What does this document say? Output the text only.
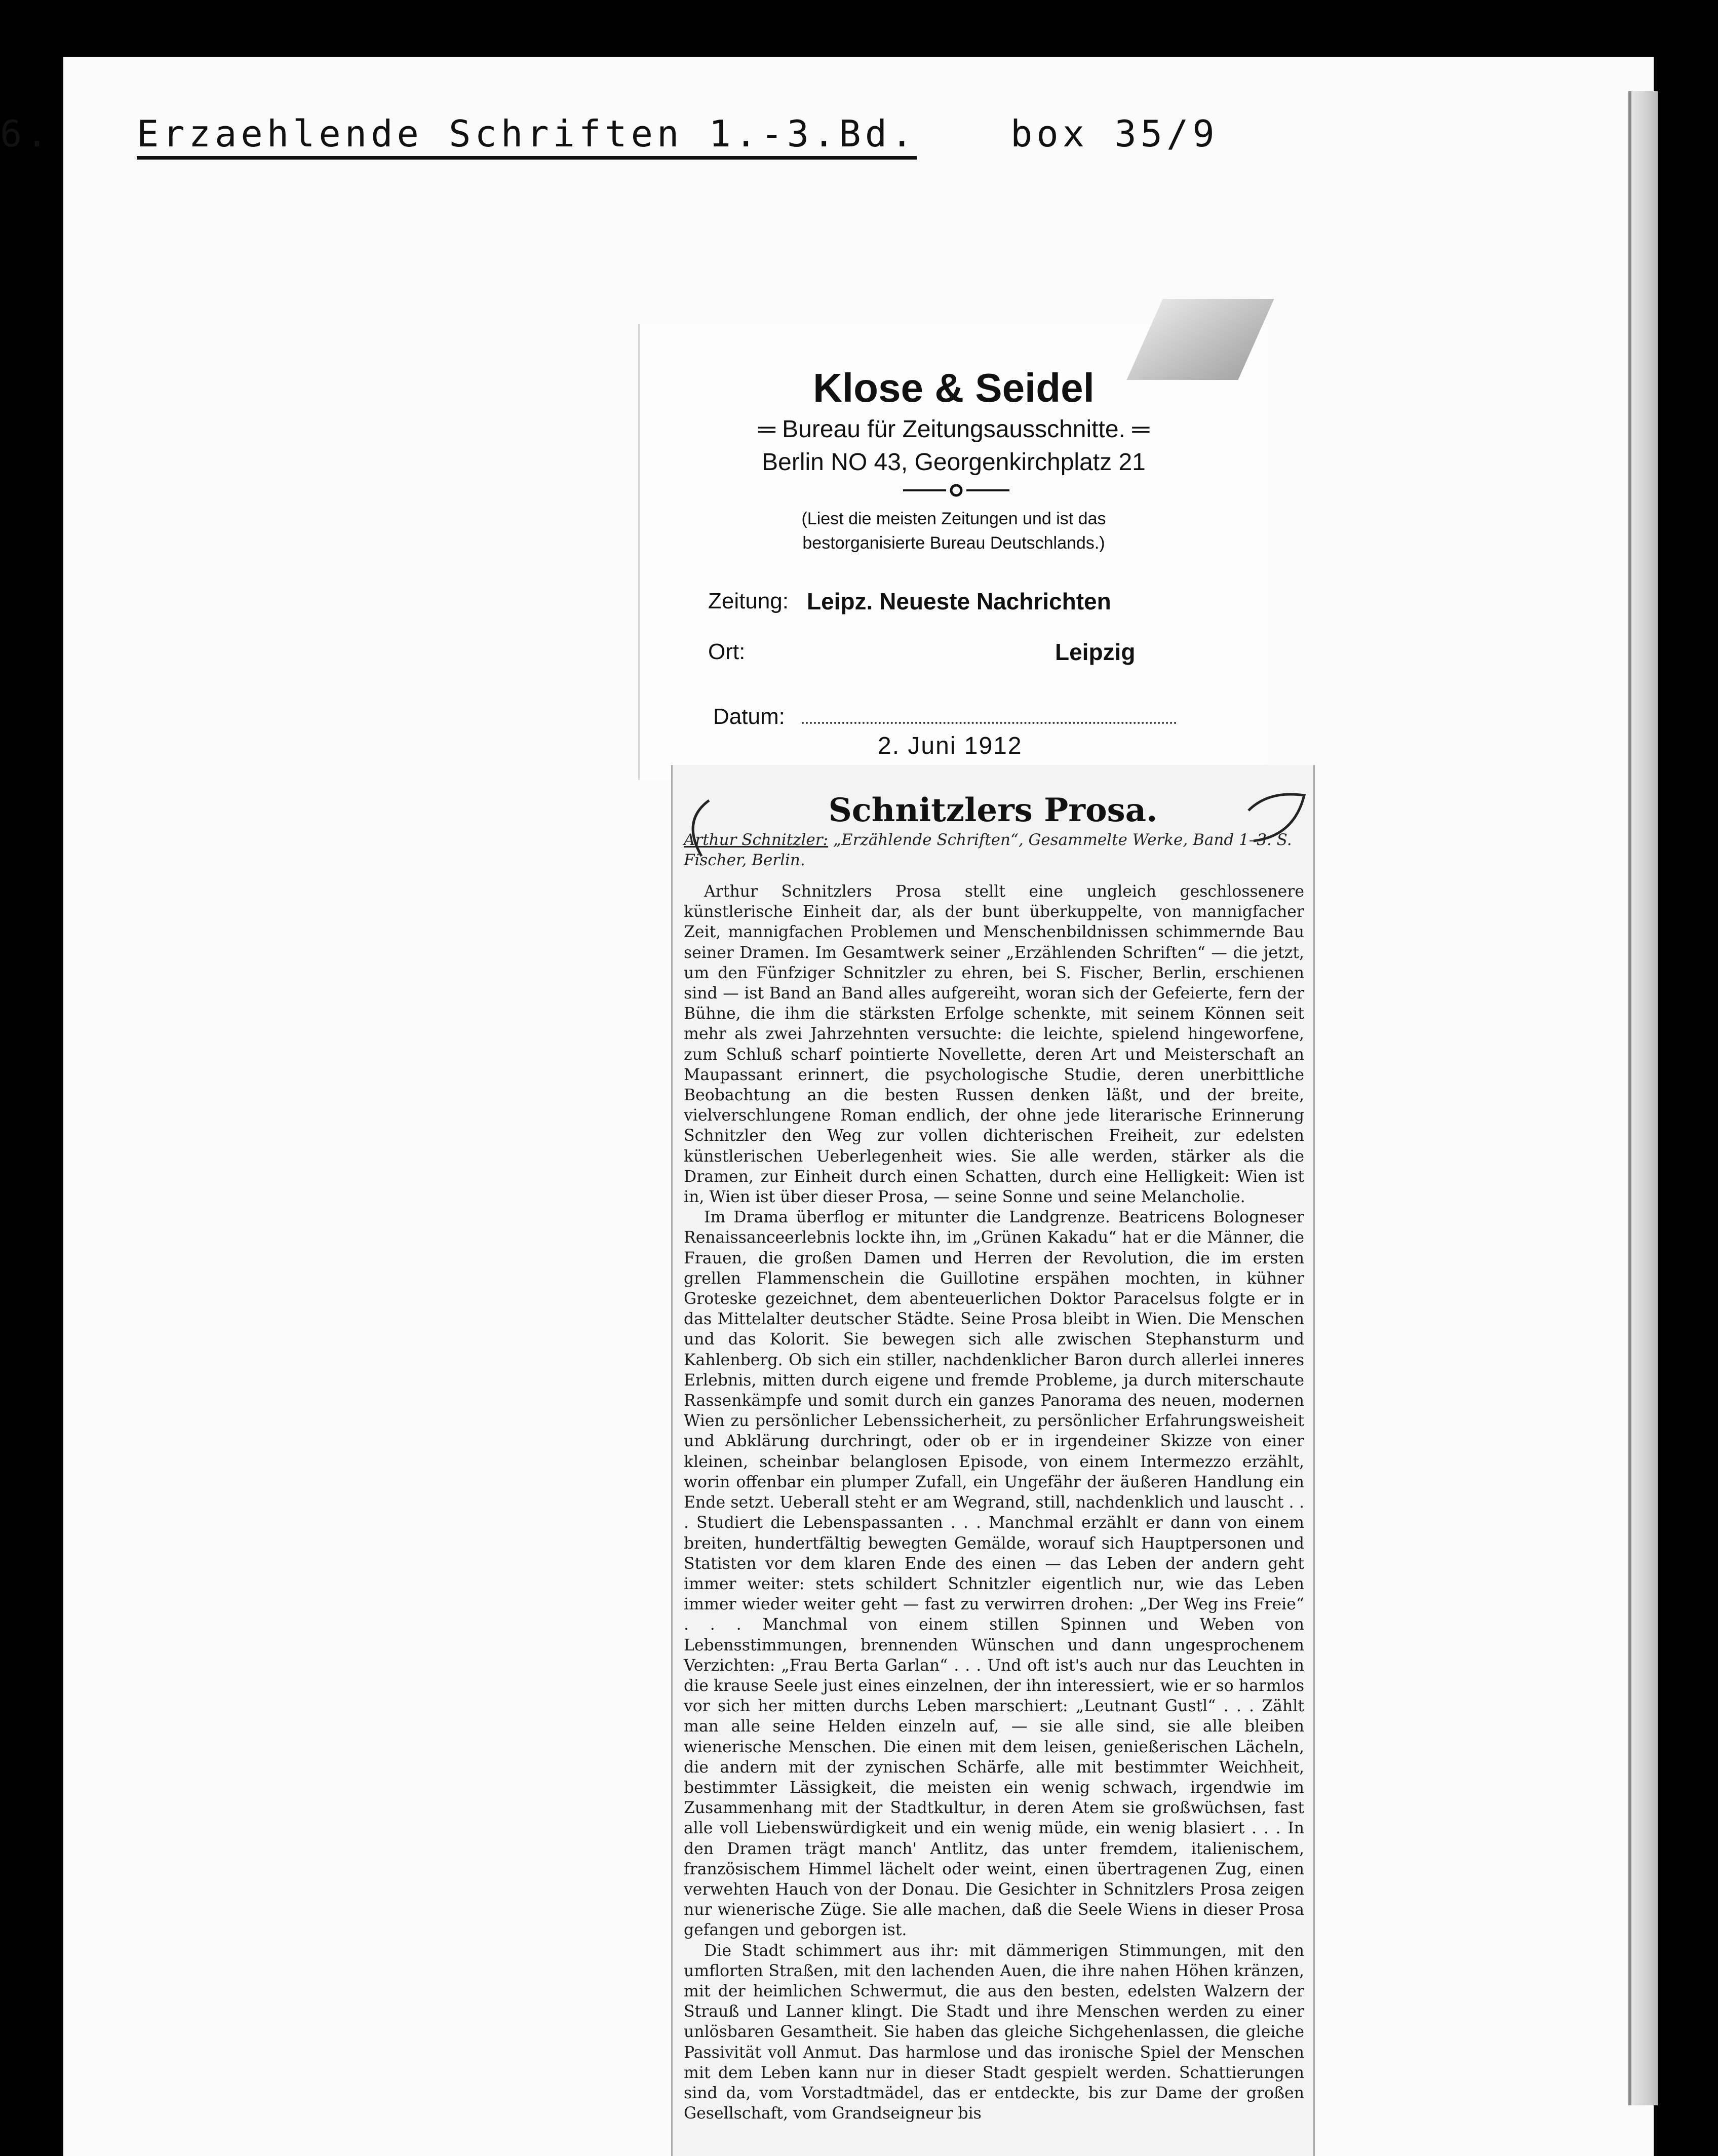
6. Erzaehlende Schriften 1.-3.Bd.	box 35/9
Klose & Seidel
═ Bureau für Zeitungsausschnitte. ═
Berlin NO 43, Georgenkirchplatz 21
(Liest die meisten Zeitungen und ist das
bestorganisierte Bureau Deutschlands.)
Zeitung: Leipz. Neueste Nachrichten
Ort:	Leipzig
Datum:
2. Juni 1912
Schnitzlers Prosa.
Arthur Schnitzler: „Erzählende Schriften“, Gesammelte Werke, Band 1–3. S. Fischer, Berlin.

Arthur Schnitzlers Prosa stellt eine ungleich geschlossenere künstlerische Einheit dar, als der bunt überkuppelte, von mannigfacher Zeit, mannigfachen Problemen und Menschenbildnissen schimmernde Bau seiner Dramen. Im Gesamtwerk seiner „Erzählenden Schriften“ — die jetzt, um den Fünfziger Schnitzler zu ehren, bei S. Fischer, Berlin, erschienen sind — ist Band an Band alles aufgereiht, woran sich der Gefeierte, fern der Bühne, die ihm die stärksten Erfolge schenkte, mit seinem Können seit mehr als zwei Jahrzehnten versuchte: die leichte, spielend hingeworfene, zum Schluß scharf pointierte Novellette, deren Art und Meisterschaft an Maupassant erinnert, die psychologische Studie, deren unerbittliche Beobachtung an die besten Russen denken läßt, und der breite, vielverschlungene Roman endlich, der ohne jede literarische Erinnerung Schnitzler den Weg zur vollen dichterischen Freiheit, zur edelsten künstlerischen Ueberlegenheit wies. Sie alle werden, stärker als die Dramen, zur Einheit durch einen Schatten, durch eine Helligkeit: Wien ist in, Wien ist über dieser Prosa, — seine Sonne und seine Melancholie.

Im Drama überflog er mitunter die Landgrenze. Beatricens Bologneser Renaissanceerlebnis lockte ihn, im „Grünen Kakadu“ hat er die Männer, die Frauen, die großen Damen und Herren der Revolution, die im ersten grellen Flammenschein die Guillotine erspähen mochten, in kühner Groteske gezeichnet, dem abenteuerlichen Doktor Paracelsus folgte er in das Mittelalter deutscher Städte. Seine Prosa bleibt in Wien. Die Menschen und das Kolorit. Sie bewegen sich alle zwischen Stephansturm und Kahlenberg. Ob sich ein stiller, nachdenklicher Baron durch allerlei inneres Erlebnis, mitten durch eigene und fremde Probleme, ja durch miterschaute Rassenkämpfe und somit durch ein ganzes Panorama des neuen, modernen Wien zu persönlicher Lebenssicherheit, zu persönlicher Erfahrungsweisheit und Abklärung durchringt, oder ob er in irgendeiner Skizze von einer kleinen, scheinbar belanglosen Episode, von einem Intermezzo erzählt, worin offenbar ein plumper Zufall, ein Ungefähr der äußeren Handlung ein Ende setzt. Ueberall steht er am Wegrand, still, nachdenklich und lauscht . . . Studiert die Lebenspassanten . . . Manchmal erzählt er dann von einem breiten, hundertfältig bewegten Gemälde, worauf sich Hauptpersonen und Statisten vor dem klaren Ende des einen — das Leben der andern geht immer weiter: stets schildert Schnitzler eigentlich nur, wie das Leben immer wieder weiter geht — fast zu verwirren drohen: „Der Weg ins Freie“ . . . Manchmal von einem stillen Spinnen und Weben von Lebensstimmungen, brennenden Wünschen und dann ungesprochenem Verzichten: „Frau Berta Garlan“ . . . Und oft ist's auch nur das Leuchten in die krause Seele just eines einzelnen, der ihn interessiert, wie er so harmlos vor sich her mitten durchs Leben marschiert: „Leutnant Gustl“ . . . Zählt man alle seine Helden einzeln auf, — sie alle sind, sie alle bleiben wienerische Menschen. Die einen mit dem leisen, genießerischen Lächeln, die andern mit der zynischen Schärfe, alle mit bestimmter Weichheit, bestimmter Lässigkeit, die meisten ein wenig schwach, irgendwie im Zusammenhang mit der Stadtkultur, in deren Atem sie großwüchsen, fast alle voll Liebenswürdigkeit und ein wenig müde, ein wenig blasiert . . . In den Dramen trägt manch' Antlitz, das unter fremdem, italienischem, französischem Himmel lächelt oder weint, einen übertragenen Zug, einen verwehten Hauch von der Donau. Die Gesichter in Schnitzlers Prosa zeigen nur wienerische Züge. Sie alle machen, daß die Seele Wiens in dieser Prosa gefangen und geborgen ist.

Die Stadt schimmert aus ihr: mit dämmerigen Stimmungen, mit den umflorten Straßen, mit den lachenden Auen, die ihre nahen Höhen kränzen, mit der heimlichen Schwermut, die aus den besten, edelsten Walzern der Strauß und Lanner klingt. Die Stadt und ihre Menschen werden zu einer unlösbaren Gesamtheit. Sie haben das gleiche Sichgehenlassen, die gleiche Passivität voll Anmut. Das harmlose und das ironische Spiel der Menschen mit dem Leben kann nur in dieser Stadt gespielt werden. Schattierungen sind da, vom Vorstadtmädel, das er entdeckte, bis zur Dame der großen Gesellschaft, vom Grandseigneur bis
